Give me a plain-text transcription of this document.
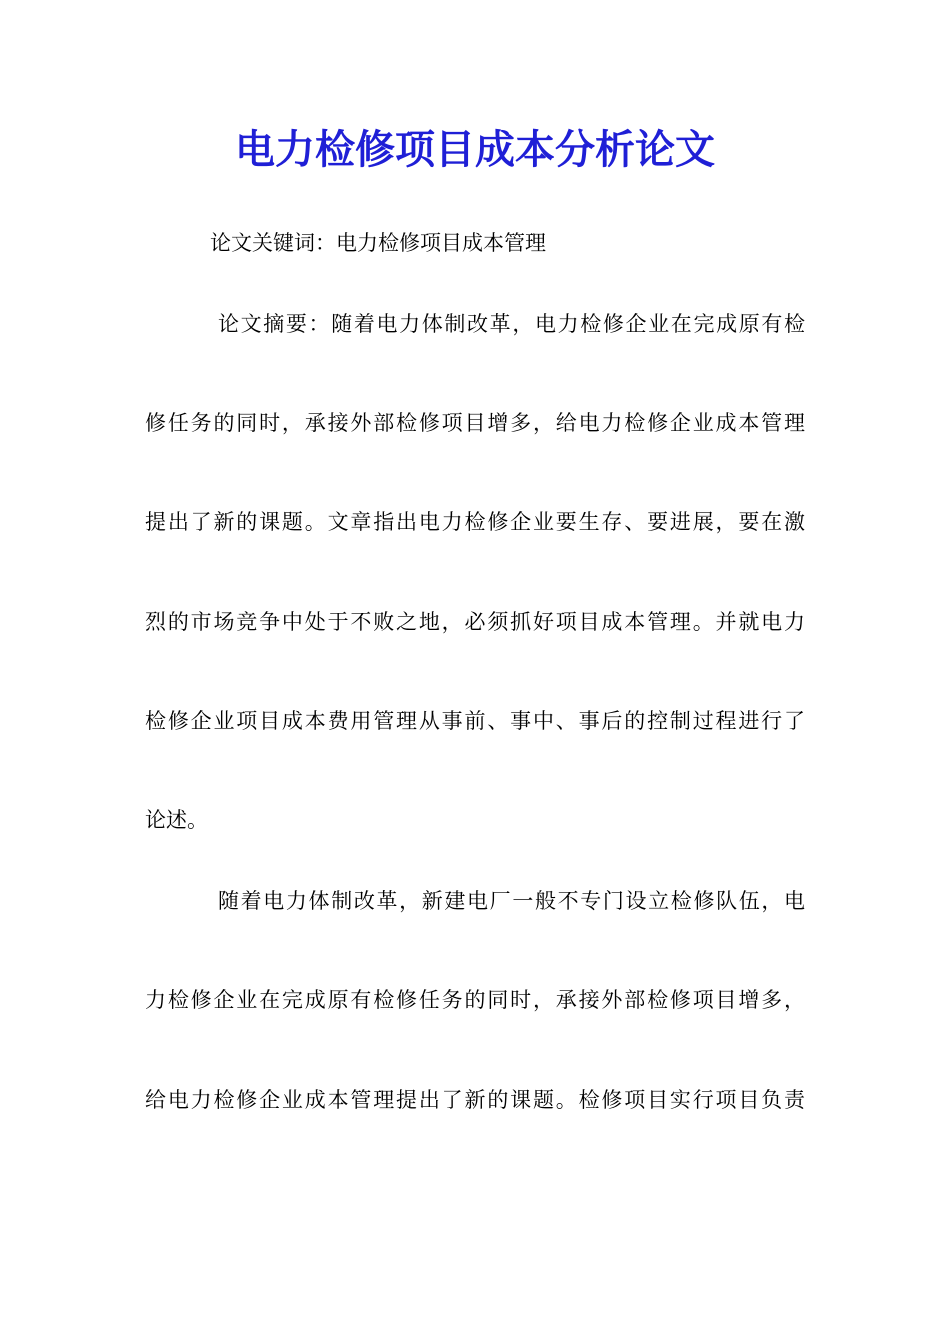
电力检修项目成本分析论文

论文关键词：电力检修项目成本管理

论文摘要：随着电力体制改革，电力检修企业在完成原有检

修任务的同时，承接外部检修项目增多，给电力检修企业成本管理

提出了新的课题。文章指出电力检修企业要生存、要进展，要在激

烈的市场竞争中处于不败之地，必须抓好项目成本管理。并就电力

检修企业项目成本费用管理从事前、事中、事后的控制过程进行了

论述。

随着电力体制改革，新建电厂一般不专门设立检修队伍，电

力检修企业在完成原有检修任务的同时，承接外部检修项目增多，

给电力检修企业成本管理提出了新的课题。检修项目实行项目负责
